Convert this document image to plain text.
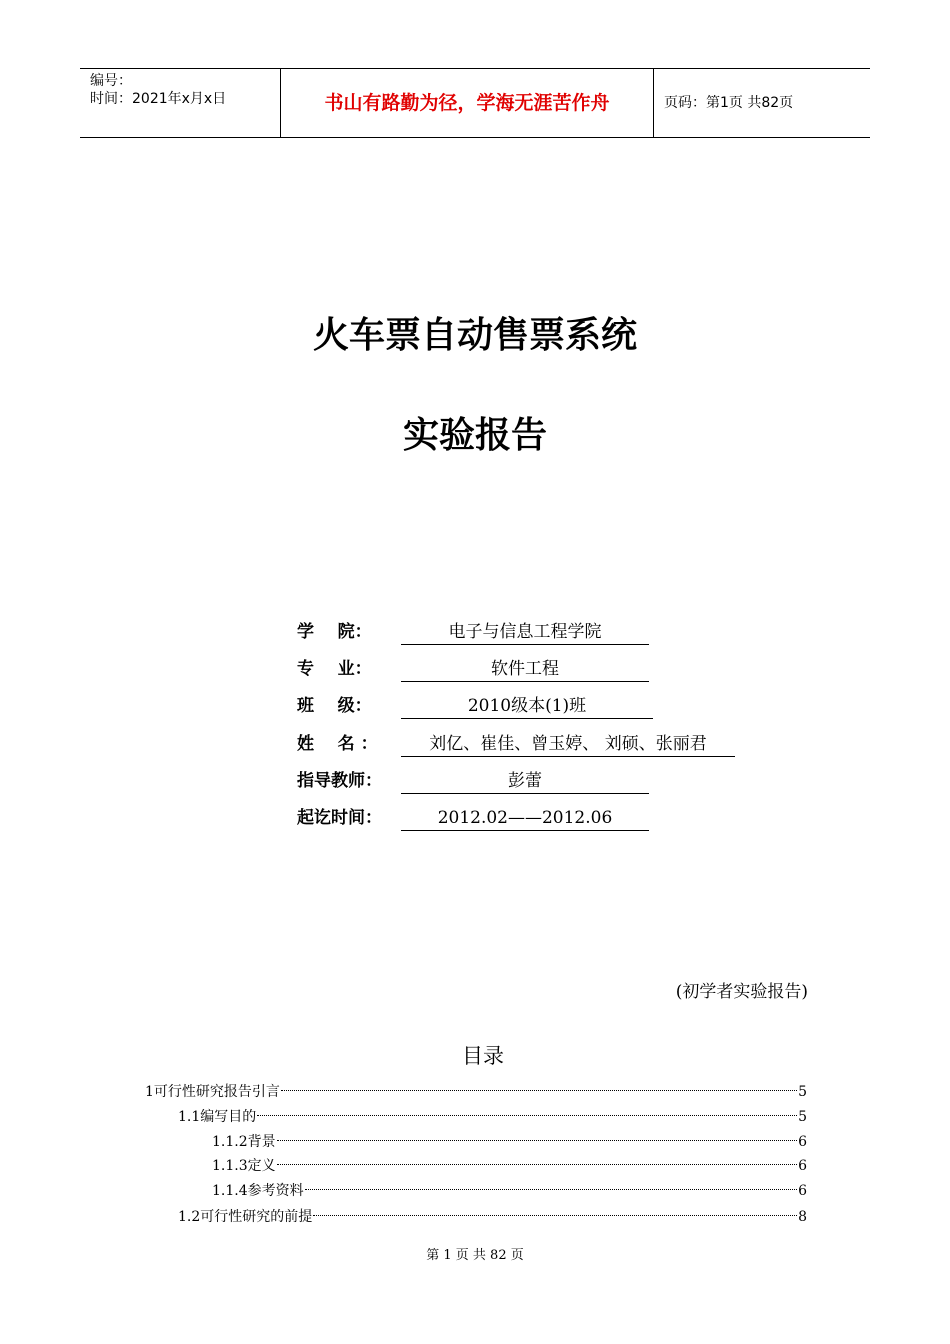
编号：
时间：2021年x月x日	书山有路勤为径，学海无涯苦作舟	页码：第1页 共82页
火车票自动售票系统
实验报告
学    院：	电子与信息工程学院
专    业：	软件工程
班    级：	2010级本(1)班
姓    名 ：	刘亿、崔佳、曾玉婷、 刘硕、张丽君
指导教师：	彭蕾
起讫时间：	2012.02——2012.06
(初学者实验报告)
目录
1可行性研究报告引言	5
1.1编写目的	5
1.1.2背景	6
1.1.3定义	6
1.1.4参考资料	6
1.2可行性研究的前提	8
第 1 页 共 82 页
